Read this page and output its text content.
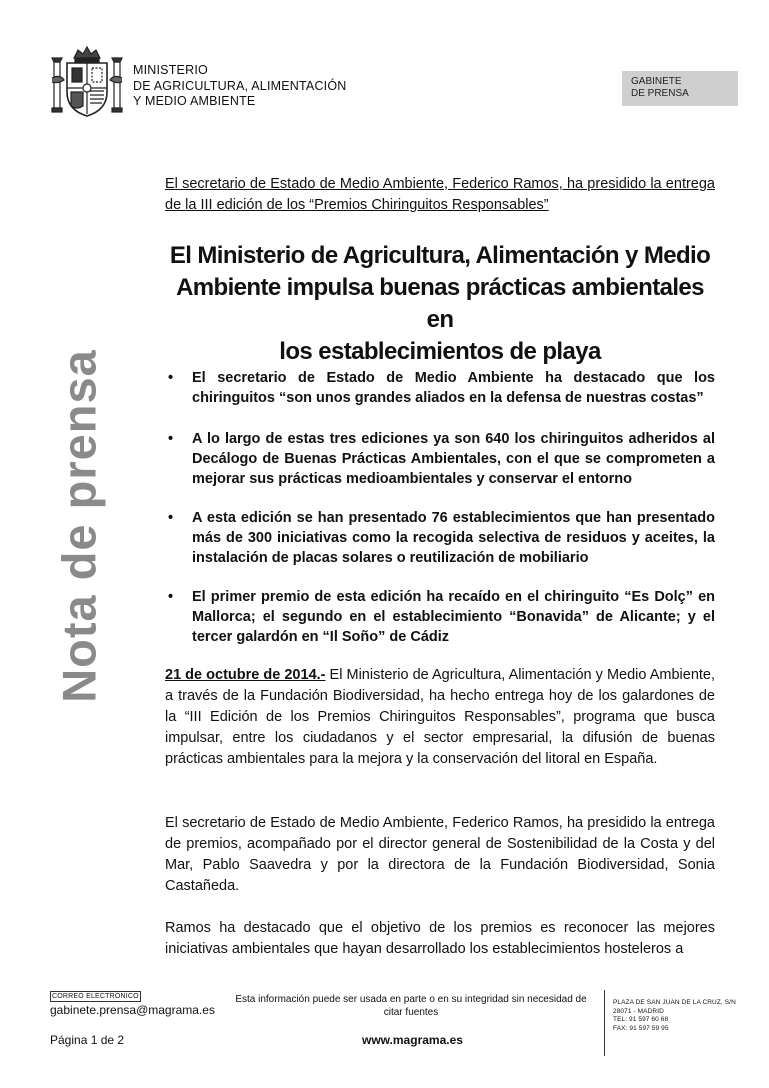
MINISTERIO
DE AGRICULTURA, ALIMENTACIÓN
Y MEDIO AMBIENTE
GABINETE
DE PRENSA
Nota de prensa
El secretario de Estado de Medio Ambiente, Federico Ramos, ha presidido la entrega de la III edición de los “Premios Chiringuitos Responsables”
El Ministerio de Agricultura, Alimentación y Medio
Ambiente impulsa buenas prácticas ambientales en
los establecimientos de playa
• El secretario de Estado de Medio Ambiente ha destacado que los chiringuitos “son unos grandes aliados en la defensa de nuestras costas”
• A lo largo de estas tres ediciones ya son 640 los chiringuitos adheridos al Decálogo de Buenas Prácticas Ambientales, con el que se comprometen a mejorar sus prácticas medioambientales y conservar el entorno
• A esta edición se han presentado 76 establecimientos que han presentado más de 300 iniciativas como la recogida selectiva de residuos y aceites, la instalación de placas solares o reutilización de mobiliario
• El primer premio de esta edición ha recaído en el chiringuito “Es Dolç” en Mallorca; el segundo en el establecimiento “Bonavida” de Alicante; y el tercer galardón en “Il Soño” de Cádiz
21 de octubre de 2014.- El Ministerio de Agricultura, Alimentación y Medio Ambiente, a través de la Fundación Biodiversidad, ha hecho entrega hoy de los galardones de la “III Edición de los Premios Chiringuitos Responsables”, programa que busca impulsar, entre los ciudadanos y el sector empresarial, la difusión de buenas prácticas ambientales para la mejora y la conservación del litoral en España.
El secretario de Estado de Medio Ambiente, Federico Ramos, ha presidido la entrega de premios, acompañado por el director general de Sostenibilidad de la Costa y del Mar, Pablo Saavedra y por la directora de la Fundación Biodiversidad, Sonia Castañeda.
Ramos ha destacado que el objetivo de los premios es reconocer las mejores iniciativas ambientales que hayan desarrollado los establecimientos hosteleros a
CORREO ELECTRÓNICO
gabinete.prensa@magrama.es
Esta información puede ser usada en parte o en su integridad sin necesidad de citar fuentes
Página 1 de 2	www.magrama.es
PLAZA DE SAN JUAN DE LA CRUZ, S/N
28071 - MADRID
TEL: 91 597 60 68
FAX: 91 597 59 95
